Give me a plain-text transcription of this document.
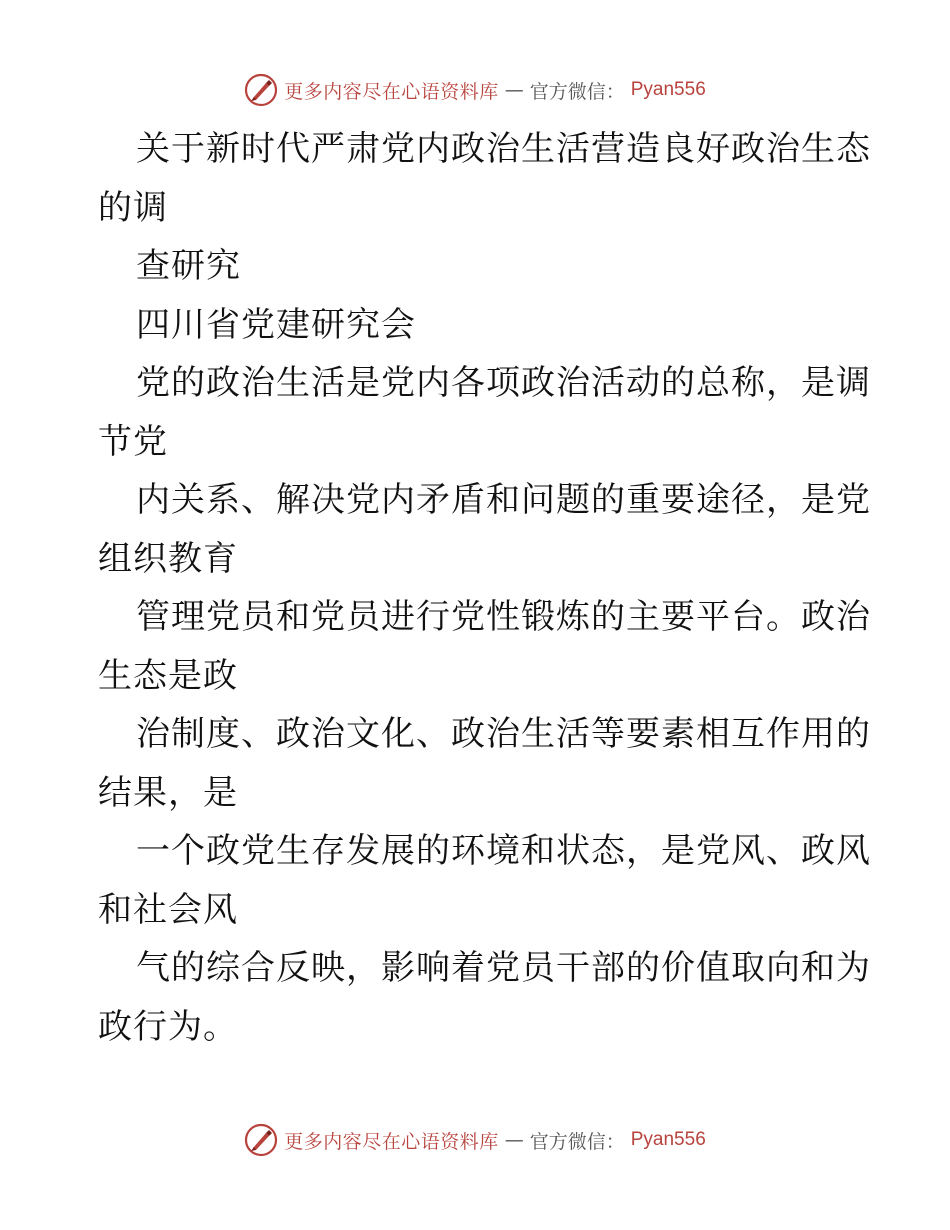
更多内容尽在心语资料库 — 官方微信： Pyan556
关于新时代严肃党内政治生活营造良好政治生态
的调
查研究
四川省党建研究会
党的政治生活是党内各项政治活动的总称，是调
节党
内关系、解决党内矛盾和问题的重要途径，是党
组织教育
管理党员和党员进行党性锻炼的主要平台。政治
生态是政
治制度、政治文化、政治生活等要素相互作用的
结果，是
一个政党生存发展的环境和状态，是党风、政风
和社会风
气的综合反映，影响着党员干部的价值取向和为
政行为。
更多内容尽在心语资料库 — 官方微信： Pyan556
